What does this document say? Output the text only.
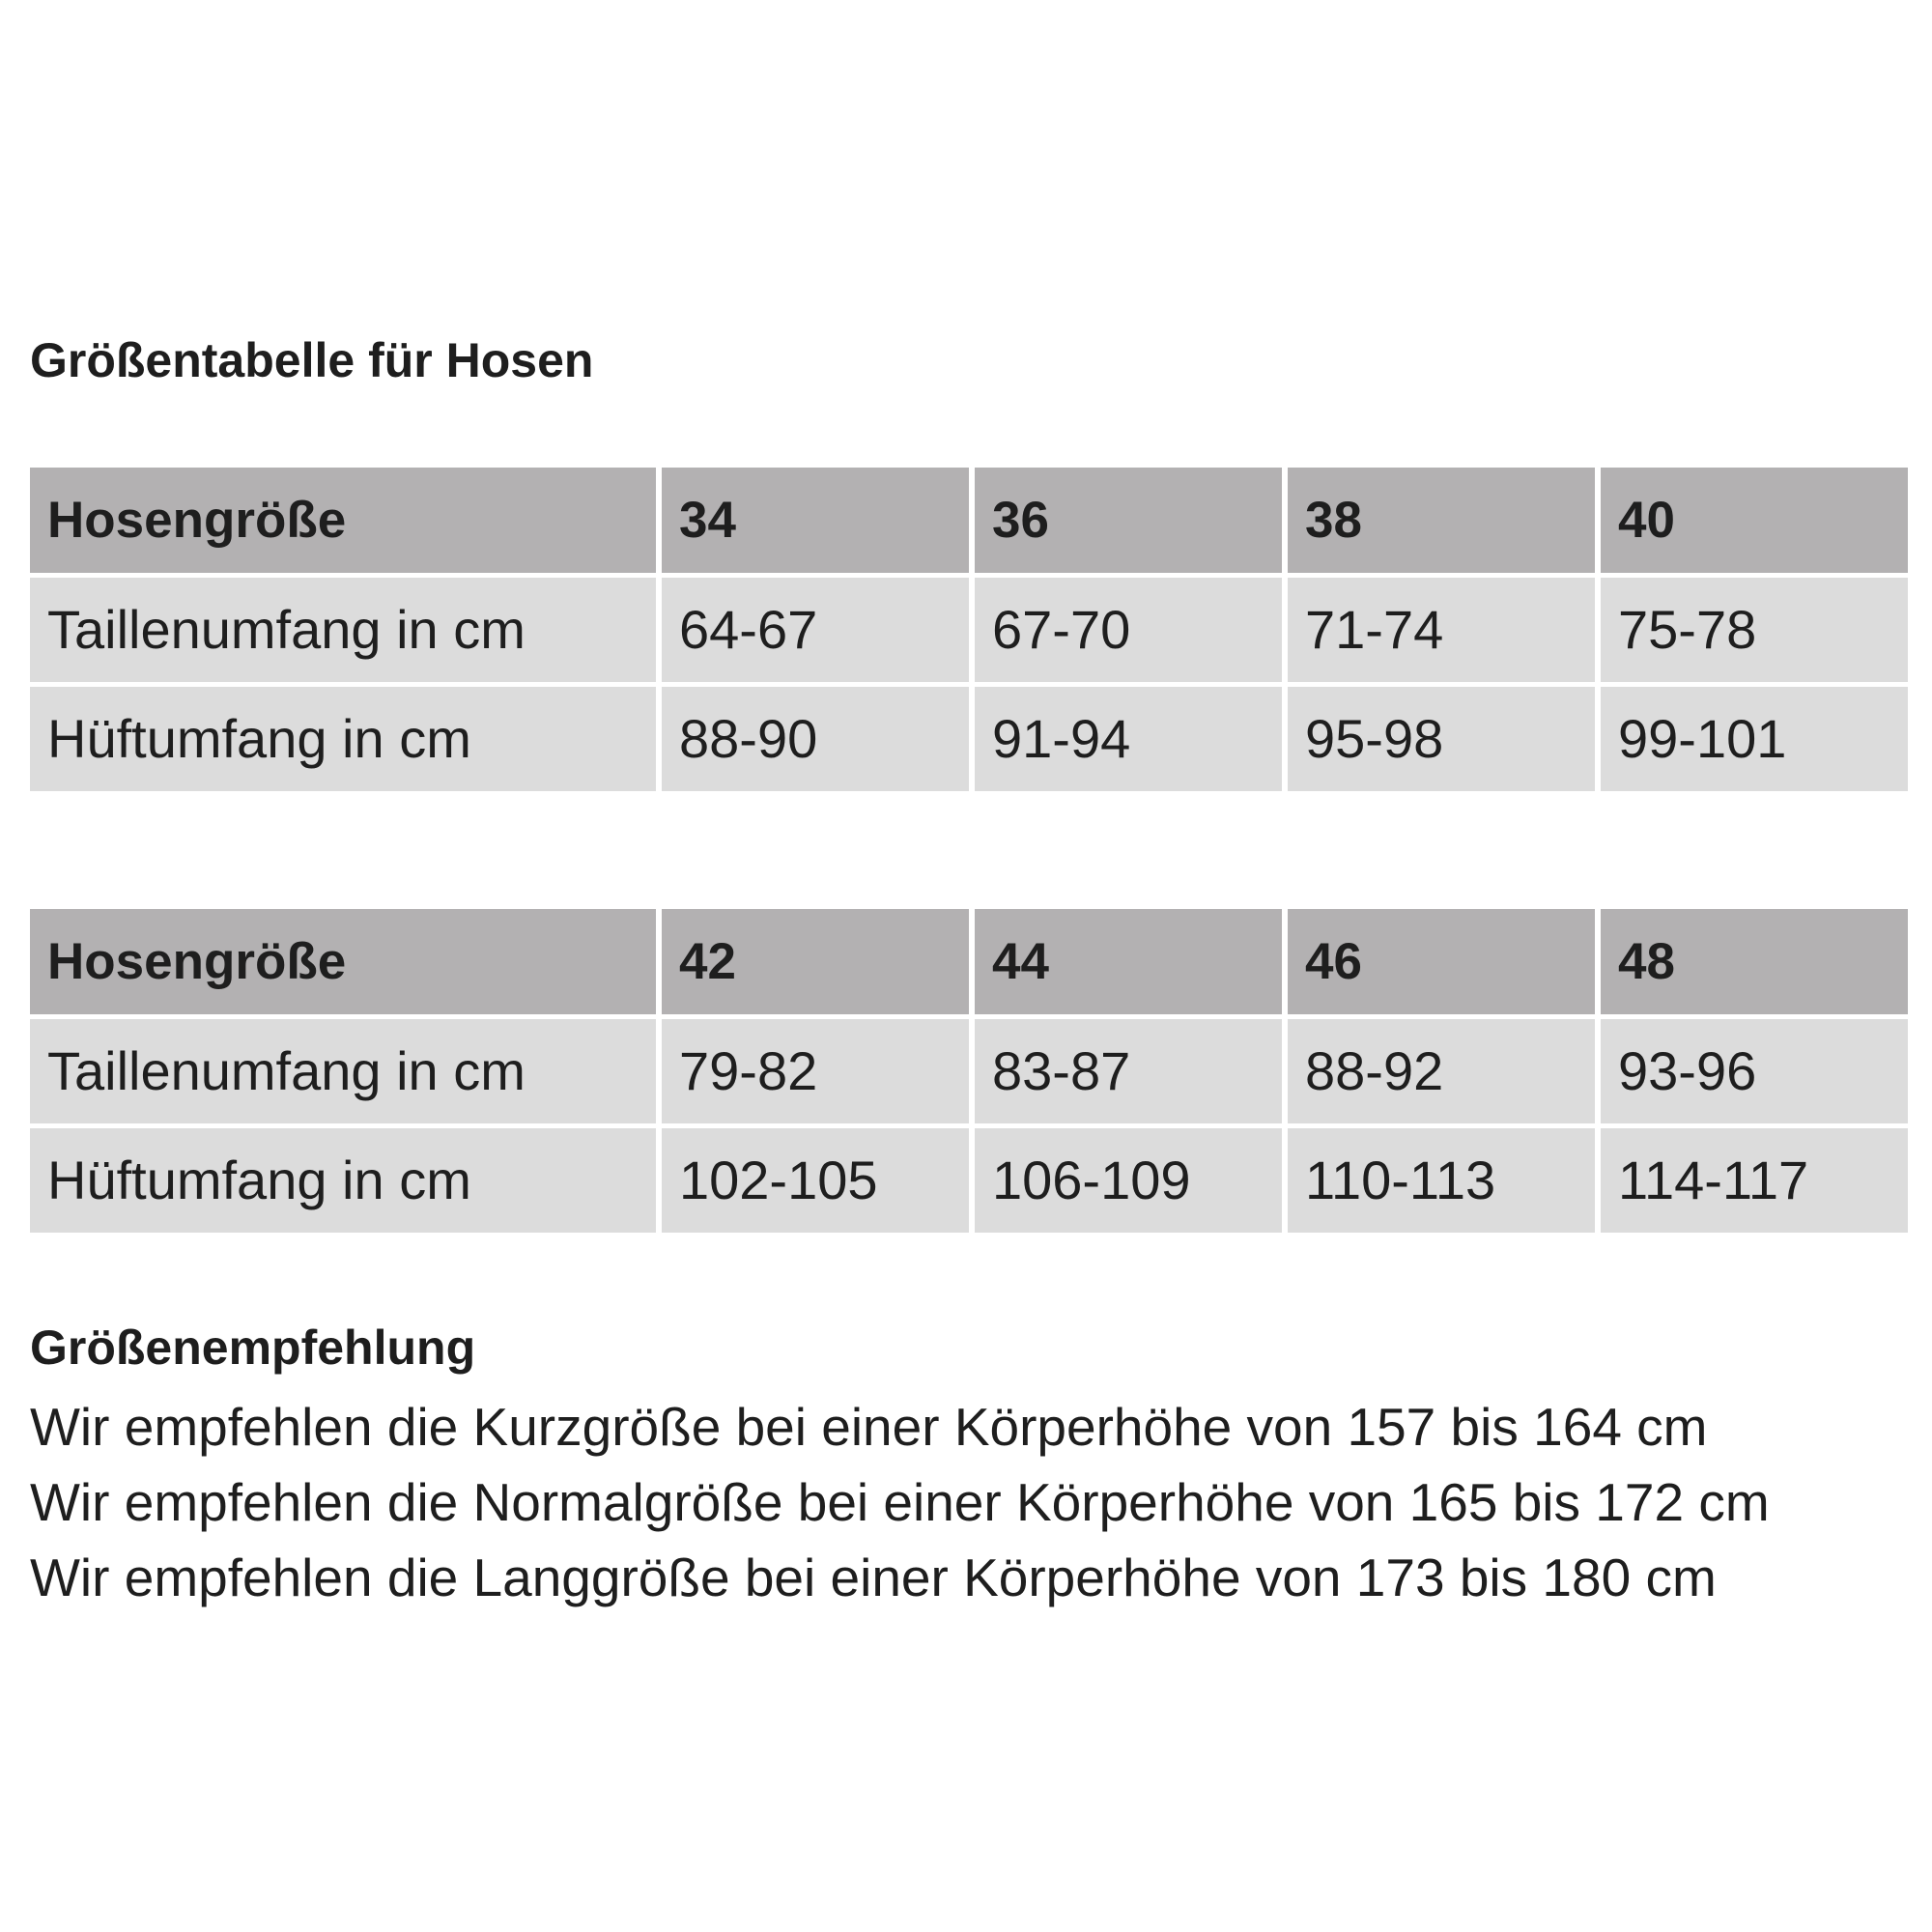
Größentabelle für Hosen
Hosengröße	34	36	38	40
Taillenumfang in cm	64-67	67-70	71-74	75-78
Hüftumfang in cm	88-90	91-94	95-98	99-101
Hosengröße	42	44	46	48
Taillenumfang in cm	79-82	83-87	88-92	93-96
Hüftumfang in cm	102-105	106-109	110-113	114-117
Größenempfehlung
Wir empfehlen die Kurzgröße bei einer Körperhöhe von 157 bis 164 cm
Wir empfehlen die Normalgröße bei einer Körperhöhe von 165 bis 172 cm
Wir empfehlen die Langgröße bei einer Körperhöhe von 173 bis 180 cm
